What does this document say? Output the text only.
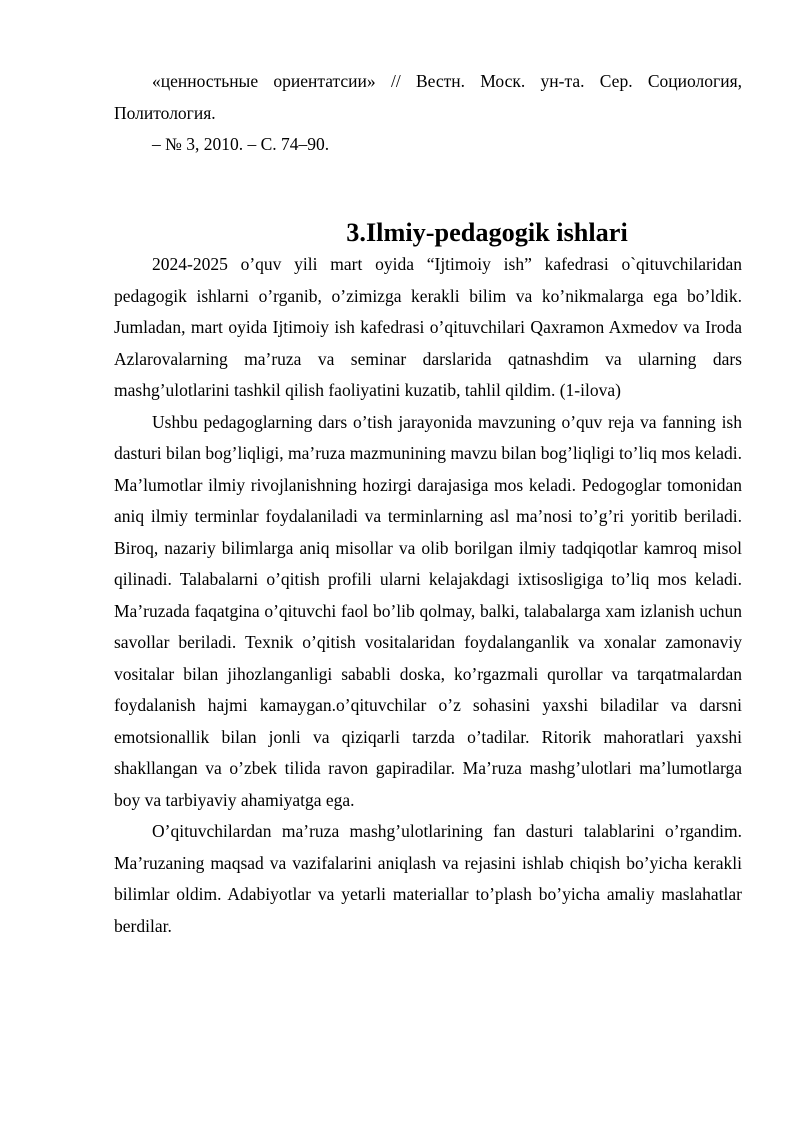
«ценностьные ориентатсии» // Вестн. Моск. ун-та. Сер. Социология, Политология.

– № 3, 2010. – С. 74–90.

3.Ilmiy-pedagogik ishlari

2024-2025 o’quv yili mart oyida “Ijtimoiy ish” kafedrasi o`qituvchilaridan pedagogik ishlarni o’rganib, o’zimizga kerakli bilim va ko’nikmalarga ega bo’ldik. Jumladan, mart oyida Ijtimoiy ish kafedrasi o’qituvchilari Qaxramon Axmedov va Iroda Azlarovalarning ma’ruza va seminar darslarida qatnashdim va ularning dars mashg’ulotlarini tashkil qilish faoliyatini kuzatib, tahlil qildim. (1-ilova)

Ushbu pedagoglarning dars o’tish jarayonida mavzuning o’quv reja va fanning ish dasturi bilan bog’liqligi, ma’ruza mazmunining mavzu bilan bog’liqligi to’liq mos keladi. Ma’lumotlar ilmiy rivojlanishning hozirgi darajasiga mos keladi. Pedogoglar tomonidan aniq ilmiy terminlar foydalaniladi va terminlarning asl ma’nosi to’g’ri yoritib beriladi. Biroq, nazariy bilimlarga aniq misollar va olib borilgan ilmiy tadqiqotlar kamroq misol qilinadi. Talabalarni o’qitish profili ularni kelajakdagi ixtisosligiga to’liq mos keladi. Ma’ruzada faqatgina o’qituvchi faol bo’lib qolmay, balki, talabalarga xam izlanish uchun savollar beriladi. Texnik o’qitish vositalaridan foydalanganlik va xonalar zamonaviy vositalar bilan jihozlanganligi sababli doska, ko’rgazmali qurollar va tarqatmalardan foydalanish hajmi kamaygan.o’qituvchilar o’z sohasini yaxshi biladilar va darsni emotsionallik bilan jonli va qiziqarli tarzda o’tadilar. Ritorik mahoratlari yaxshi shakllangan va o’zbek tilida ravon gapiradilar. Ma’ruza mashg’ulotlari ma’lumotlarga boy va tarbiyaviy ahamiyatga ega.

O’qituvchilardan ma’ruza mashg’ulotlarining fan dasturi talablarini o’rgandim. Ma’ruzaning maqsad va vazifalarini aniqlash va rejasini ishlab chiqish bo’yicha kerakli bilimlar oldim. Adabiyotlar va yetarli materiallar to’plash bo’yicha amaliy maslahatlar berdilar.
